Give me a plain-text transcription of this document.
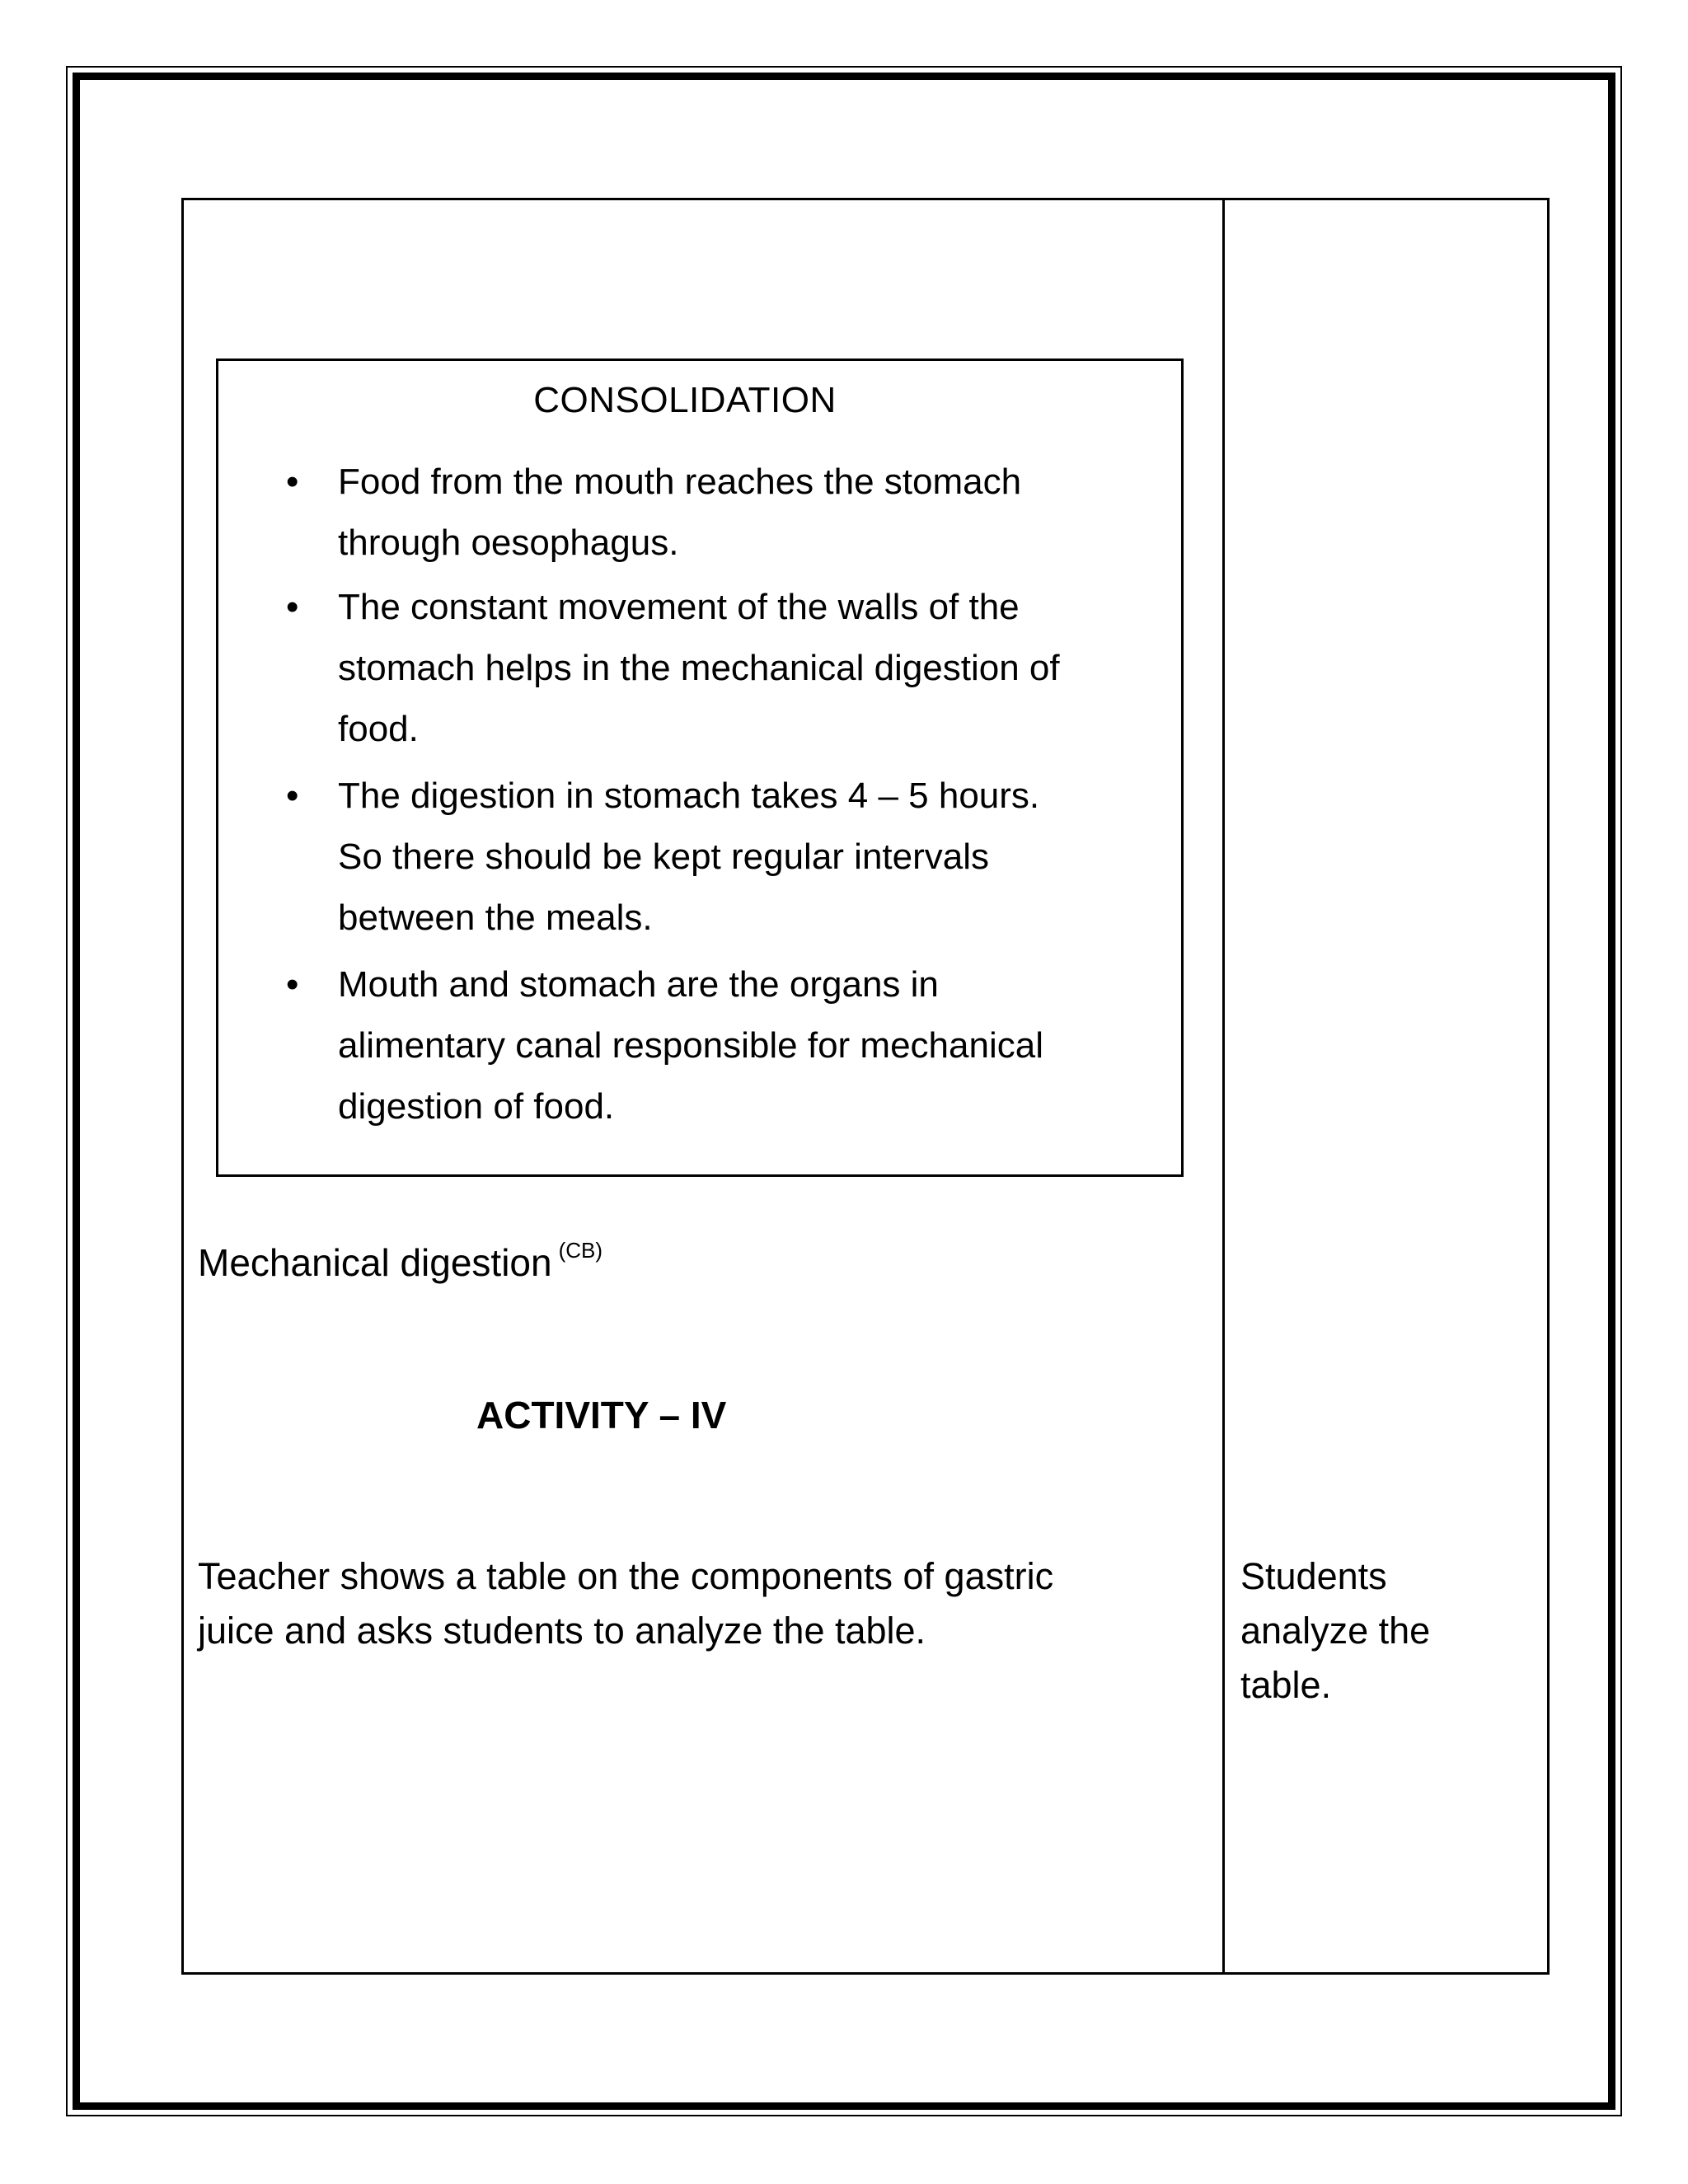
CONSOLIDATION
• Food from the mouth reaches the stomach
through oesophagus.
• The constant movement of the walls of the
stomach helps in the mechanical digestion of
food.
• The digestion in stomach takes 4 – 5 hours.
So there should be kept regular intervals
between the meals.
• Mouth and stomach are the organs in
alimentary canal responsible for mechanical
digestion of food.
Mechanical digestion $^{(CB)}$
ACTIVITY – IV
Teacher shows a table on the components of gastric
juice and asks students to analyze the table.
Students
analyze the
table.
